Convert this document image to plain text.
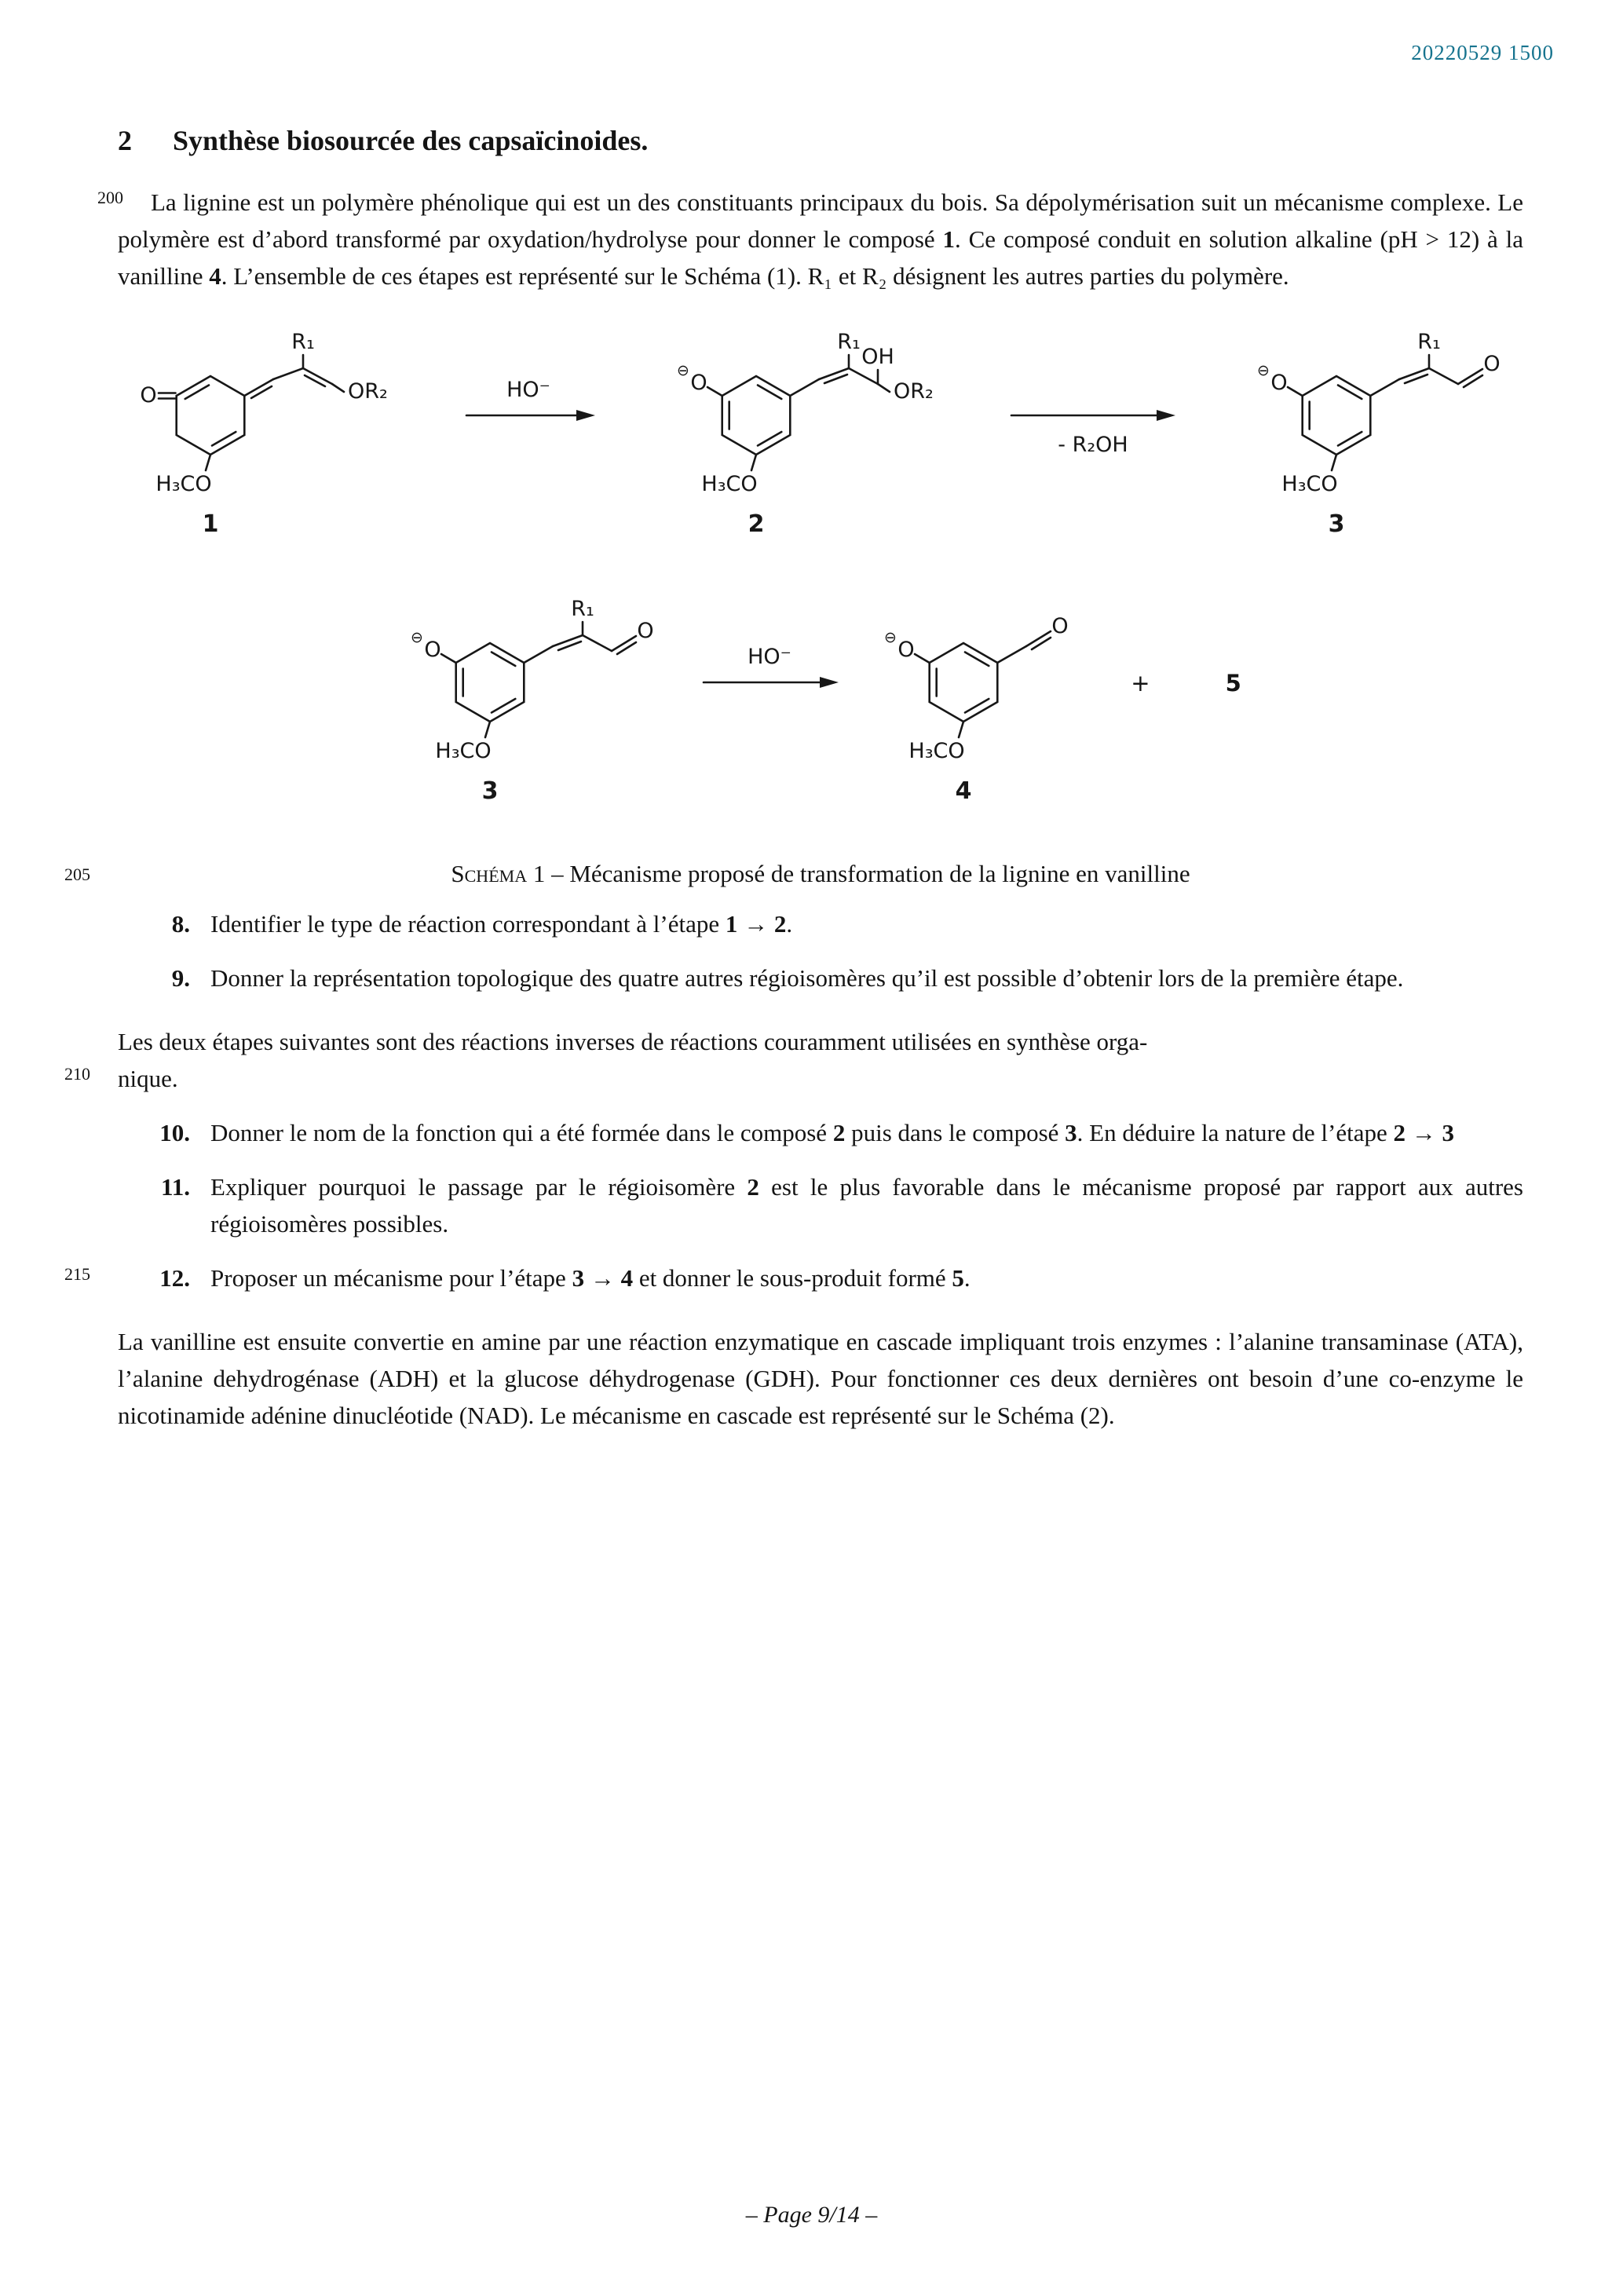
20220529 1500
2 Synthèse biosourcée des capsaïcinoides.

200 La lignine est un polymère phénolique qui est un des constituants principaux du bois. Sa dépolymérisation suit un mécanisme complexe. Le polymère est d’abord transformé par oxydation/hydrolyse pour donner le composé 1. Ce composé conduit en solution alkaline (pH > 12) à la vanilline 4. L’ensemble de ces étapes est représenté sur le Schéma (1). R₁ et R₂ désignent les autres parties du polymère.

O
H₃CO
R₁
OR₂
1
HO⁻	O
⊖
H₃CO
R₁
OH
OR₂
2
- R₂OH
O
⊖
H₃CO
R₁
O
3
O
⊖
H₃CO
R₁
O
3
HO⁻	O
⊖
H₃CO
O
4
+	5
205	Schéma 1 – Mécanisme proposé de transformation de la lignine en vanilline
8. Identifier le type de réaction correspondant à l’étape 1 → 2.
9. Donner la représentation topologique des quatre autres régioisomères qu’il est possible d’obtenir lors de la première étape.

210
Les deux étapes suivantes sont des réactions inverses de réactions couramment utilisées en synthèse orga-
nique.

10. Donner le nom de la fonction qui a été formée dans le composé 2 puis dans le composé 3. En déduire la nature de l’étape 2 → 3
11. Expliquer pourquoi le passage par le régioisomère 2 est le plus favorable dans le mécanisme proposé par rapport aux autres régioisomères possibles.
215	12. Proposer un mécanisme pour l’étape 3 → 4 et donner le sous-produit formé 5.

La vanilline est ensuite convertie en amine par une réaction enzymatique en cascade impliquant trois enzymes : l’alanine transaminase (ATA), l’alanine dehydrogénase (ADH) et la glucose déhydrogenase (GDH). Pour fonctionner ces deux dernières ont besoin d’une co-enzyme le nicotinamide adénine dinucléotide (NAD). Le mécanisme en cascade est représenté sur le Schéma (2).

– Page 9/14 –
